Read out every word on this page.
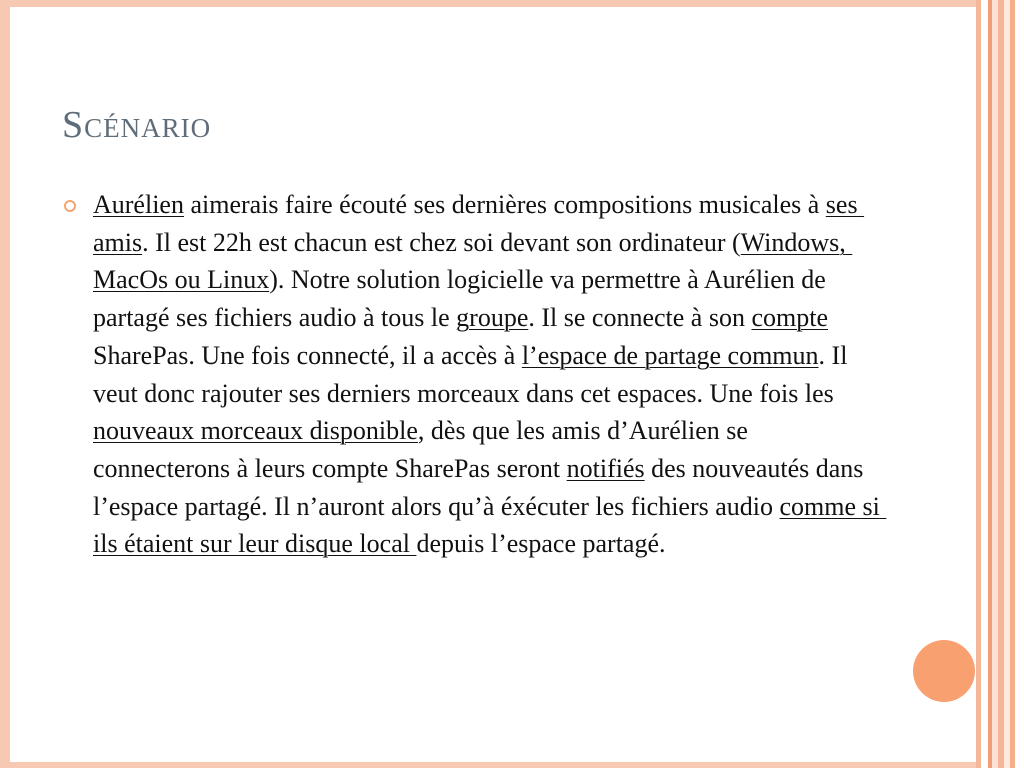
Scénario
Aurélien aimerais faire écouté ses dernières compositions musicales à ses amis. Il est 22h est chacun est chez soi devant son ordinateur (Windows, MacOs ou Linux). Notre solution logicielle va permettre à Aurélien de partagé ses fichiers audio à tous le groupe. Il se connecte à son compte SharePas. Une fois connecté, il a accès à l’espace de partage commun. Il veut donc rajouter ses derniers morceaux dans cet espaces. Une fois les nouveaux morceaux disponible, dès que les amis d’Aurélien se connecterons à leurs compte SharePas seront notifiés des nouveautés dans l’espace partagé. Il n’auront alors qu’à éxécuter les fichiers audio comme si ils étaient sur leur disque local depuis l’espace partagé.
